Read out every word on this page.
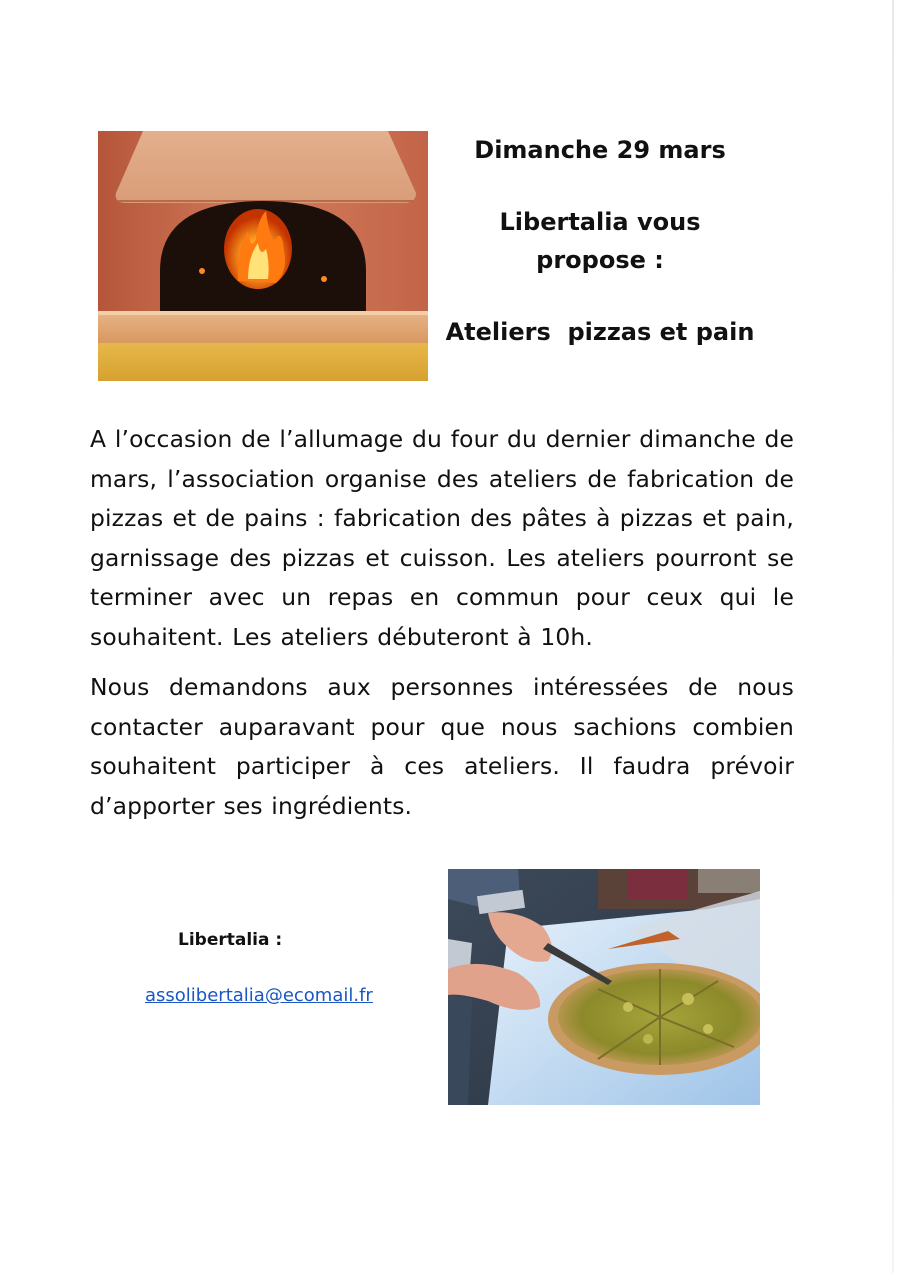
Dimanche 29 mars
Libertalia vous
propose :
Ateliers  pizzas et pain

A l’occasion de l’allumage du four du dernier dimanche de mars, l’association organise des ateliers de fabrication de pizzas et de pains : fabrication des pâtes à pizzas et pain, garnissage des pizzas et cuisson. Les ateliers pourront se terminer avec un repas en commun pour ceux qui le souhaitent. Les ateliers débuteront à 10h.

Nous demandons aux personnes intéressées de nous contacter auparavant pour que nous sachions combien souhaitent participer à ces ateliers. Il faudra prévoir d’apporter ses ingrédients.

Libertalia :
assolibertalia@ecomail.fr
